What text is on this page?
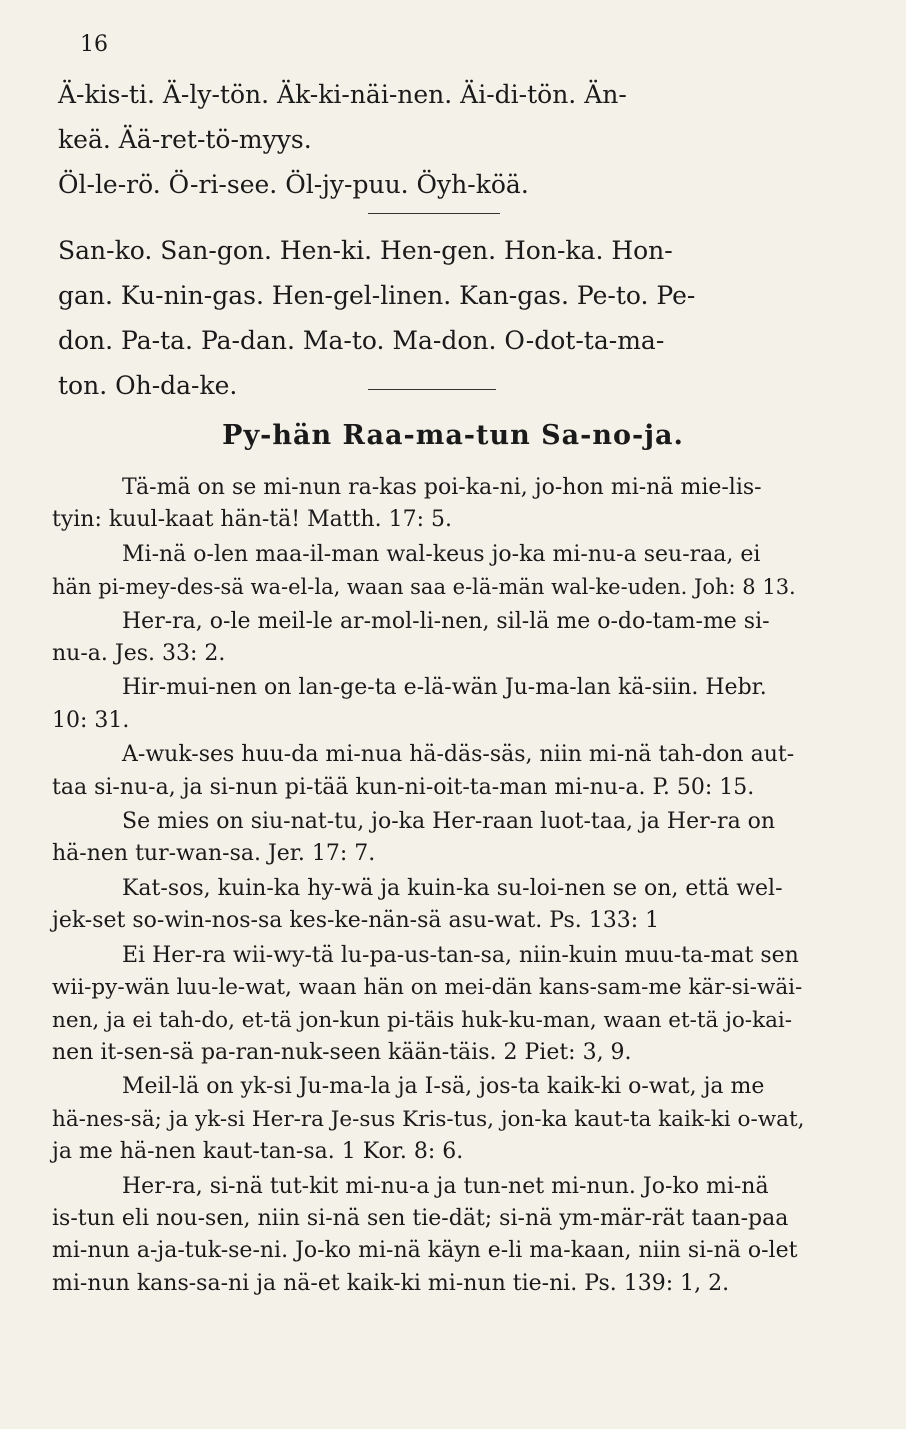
16
Ä-kis-ti. Ä-ly-tön. Äk-ki-näi-nen. Äi-di-tön. Än-
keä. Ää-ret-tö-myys.
Öl-le-rö. Ö-ri-see. Öl-jy-puu. Öyh-köä.
San-ko. San-gon. Hen-ki. Hen-gen. Hon-ka. Hon-
gan. Ku-nin-gas. Hen-gel-linen. Kan-gas. Pe-to. Pe-
don. Pa-ta. Pa-dan. Ma-to. Ma-don. O-dot-ta-ma-
ton. Oh-da-ke.
Py-hän Raa-ma-tun Sa-no-ja.
Tä-mä on se mi-nun ra-kas poi-ka-ni, jo-hon mi-nä mie-lis-
tyin: kuul-kaat hän-tä! Matth. 17: 5.
Mi-nä o-len maa-il-man wal-keus jo-ka mi-nu-a seu-raa, ei
hän pi-mey-des-sä wa-el-la, waan saa e-lä-män wal-ke-uden. Joh: 8 13.
Her-ra, o-le meil-le ar-mol-li-nen, sil-lä me o-do-tam-me si-
nu-a. Jes. 33: 2.
Hir-mui-nen on lan-ge-ta e-lä-wän Ju-ma-lan kä-siin. Hebr.
10: 31.
A-wuk-ses huu-da mi-nua hä-däs-säs, niin mi-nä tah-don aut-
taa si-nu-a, ja si-nun pi-tää kun-ni-oit-ta-man mi-nu-a. P. 50: 15.
Se mies on siu-nat-tu, jo-ka Her-raan luot-taa, ja Her-ra on
hä-nen tur-wan-sa. Jer. 17: 7.
Kat-sos, kuin-ka hy-wä ja kuin-ka su-loi-nen se on, että wel-
jek-set so-win-nos-sa kes-ke-nän-sä asu-wat. Ps. 133: 1
Ei Her-ra wii-wy-tä lu-pa-us-tan-sa, niin-kuin muu-ta-mat sen
wii-py-wän luu-le-wat, waan hän on mei-dän kans-sam-me kär-si-wäi-
nen, ja ei tah-do, et-tä jon-kun pi-täis huk-ku-man, waan et-tä jo-kai-
nen it-sen-sä pa-ran-nuk-seen kään-täis. 2 Piet: 3, 9.
Meil-lä on yk-si Ju-ma-la ja I-sä, jos-ta kaik-ki o-wat, ja me
hä-nes-sä; ja yk-si Her-ra Je-sus Kris-tus, jon-ka kaut-ta kaik-ki o-wat,
ja me hä-nen kaut-tan-sa. 1 Kor. 8: 6.
Her-ra, si-nä tut-kit mi-nu-a ja tun-net mi-nun. Jo-ko mi-nä
is-tun eli nou-sen, niin si-nä sen tie-dät; si-nä ym-mär-rät taan-paa
mi-nun a-ja-tuk-se-ni. Jo-ko mi-nä käyn e-li ma-kaan, niin si-nä o-let
mi-nun kans-sa-ni ja nä-et kaik-ki mi-nun tie-ni. Ps. 139: 1, 2.
